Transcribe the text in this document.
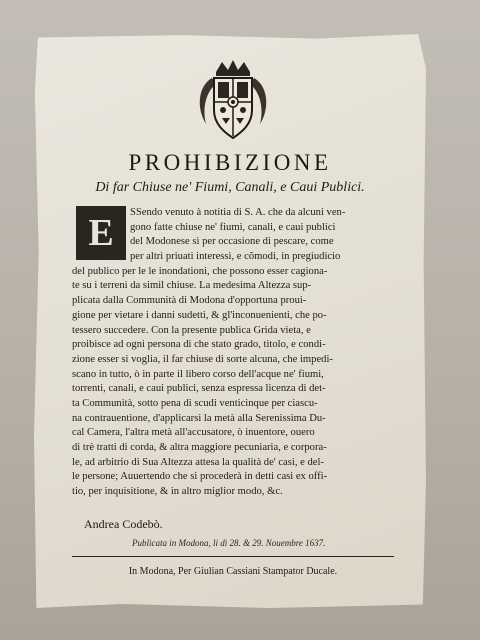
PROHIBIZIONE
Di far Chiuse ne' Fiumi, Canali, e Caui Publici.
E	SSendo venuto à notitia di S. A. che da alcuni ven-
gono fatte chiuse ne' fiumi, canali, e caui publici
del Modonese sì per occasione di pescare, come
per altri priuati interessi, e cõmodi, in pregiudicio
del publico per le le inondationi, che possono esser cagiona-
te su i terreni da simil chiuse. La medesima Altezza sup-
plicata dalla Communità di Modona d'opportuna proui-
gione per vietare i danni sudetti, & gl'inconuenienti, che po-
tessero succedere. Con la presente publica Grida vieta, e
proibisce ad ogni persona di che stato grado, titolo, e condi-
zione esser si voglia, il far chiuse di sorte alcuna, che impedi-
scano in tutto, ò in parte il libero corso dell'acque ne' fiumi,
torrenti, canali, e caui publici, senza espressa licenza di det-
ta Communità, sotto pena di scudi venticinque per ciascu-
na contrauentione, d'applicarsi la metà alla Serenissima Du-
cal Camera, l'altra metà all'accusatore, ò inuentore, ouero
di trè tratti di corda, & altra maggiore pecuniaria, e corpora-
le, ad arbitrio di Sua Altezza attesa la qualità de' casi, e del-
le persone; Auuertendo che si procederà in detti casi ex offi-
tio, per inquisitione, & in altro miglior modo, &c.
Andrea Codebò.
Publicata in Modona, li dì 28. & 29. Nouembre 1637.
In Modona, Per Giulian Cassiani Stampator Ducale.
